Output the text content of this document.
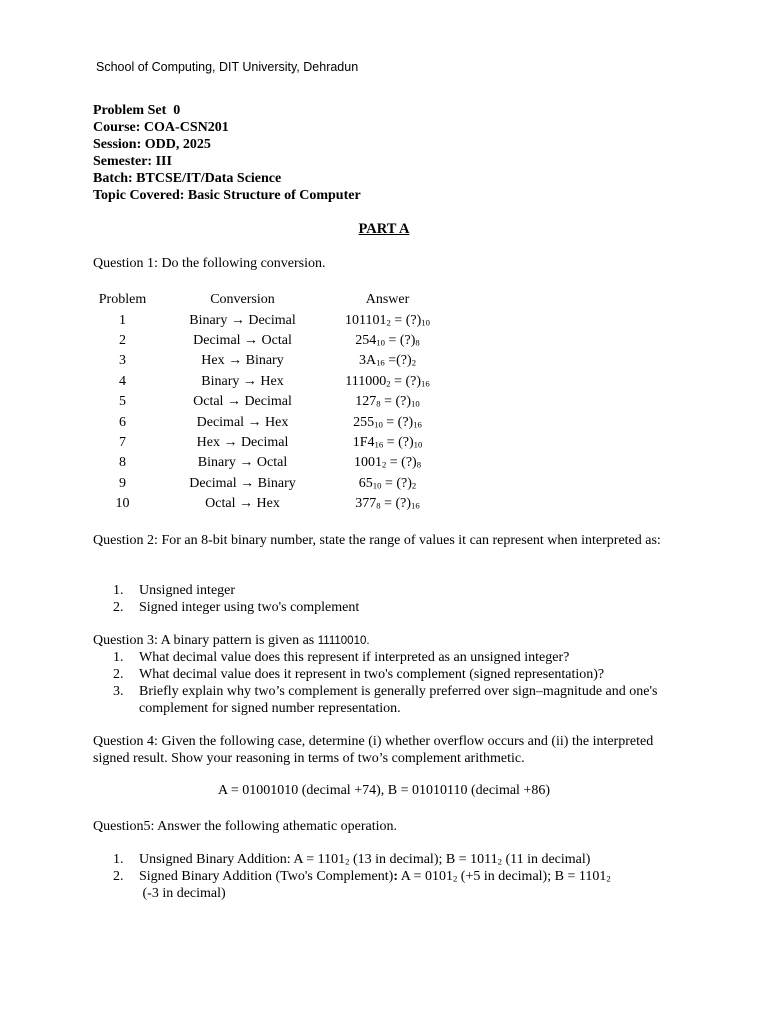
School of Computing, DIT University, Dehradun
Problem Set  0
Course: COA-CSN201
Session: ODD, 2025
Semester: III
Batch: BTCSE/IT/Data Science
Topic Covered: Basic Structure of Computer
PART A
Question 1: Do the following conversion.
Problem	Conversion	Answer
1	Binary → Decimal	$101101_2$ = $(?)_{10}$
2	Decimal → Octal	$254_{10}$ = $(?)_8$
3	Hex → Binary	$3A_{16}$ $=(?)_2$
4	Binary → Hex	$111000_2$ = $(?)_{16}$
5	Octal → Decimal	$127_8$ = $(?)_{10}$
6	Decimal → Hex	$255_{10}$ = $(?)_{16}$
7	Hex → Decimal	$1F4_{16}$ = $(?)_{10}$
8	Binary → Octal	$1001_2$ = $(?)_8$
9	Decimal → Binary	$65_{10}$ = $(?)_2$
10	Octal → Hex	$377_8$ = $(?)_{16}$
Question 2: For an 8-bit binary number, state the range of values it can represent when interpreted as:
1. Unsigned integer
2. Signed integer using two's complement
Question 3: A binary pattern is given as 11110010.
1. What decimal value does this represent if interpreted as an unsigned integer?
2. What decimal value does it represent in two's complement (signed representation)?
3. Briefly explain why two’s complement is generally preferred over sign–magnitude and one's complement for signed number representation.
Question 4: Given the following case, determine (i) whether overflow occurs and (ii) the interpreted signed result. Show your reasoning in terms of two’s complement arithmetic.
A = 01001010 (decimal +74), B = 01010110 (decimal +86)
Question5: Answer the following athematic operation.
1. Unsigned Binary Addition: $A = 1101_2$ (13 in decimal); $B = 1011_2$ (11 in decimal)
2. Signed Binary Addition (Two's Complement): $A = 0101_2$ (+5 in decimal); $B = 1101_2$ (-3 in decimal)
